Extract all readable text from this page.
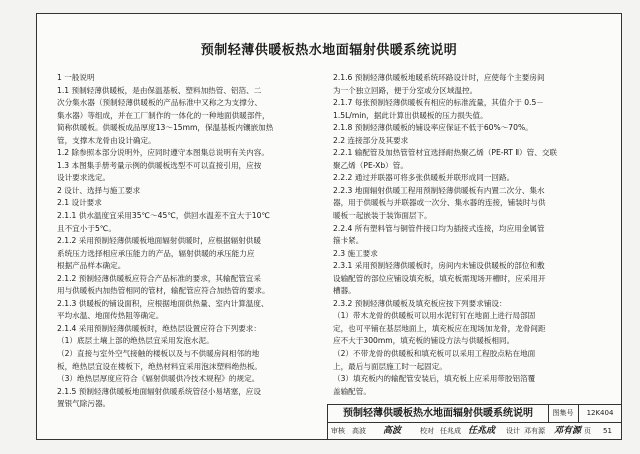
预制轻薄供暖板热水地面辐射供暖系统说明

1 一般说明

1.1 预制轻薄供暖板，是由保温基板、塑料加热管、铝箔、二

次分集水器（预制轻薄供暖板的产品标准中又称之为支撑分、

集水器）等组成，并在工厂制作的一体化的一种地面供暖部件，

简称供暖板。供暖板成品厚度13～15mm，保温基板内镶嵌加热

管，支撑木龙骨由设计确定。

1.2 除参照本部分说明外，应同时遵守本图集总说明有关内容。

1.3 本图集手册考量示例的供暖板选型不可以直接引用，应按

设计要求选定。

2 设计、选择与施工要求

2.1 设计要求

2.1.1 供水温度宜采用35℃～45℃，供回水温差不宜大于10℃

且不宜小于5℃。

2.1.2 采用预制轻薄供暖板地面辐射供暖时，应根据辐射供暖

系统压力选择相应承压能力的产品，辐射供暖的承压能力应

根据产品样本确定。

2.1.2 预制轻薄供暖板应符合产品标准的要求，其输配管宜采

用与供暖板内加热管相同的管材，输配管应符合加热管的要求。

2.1.3 供暖板的铺设面积，应根据地面供热量、室内计算温度、

平均水温、地面传热阻等确定。

2.1.4 采用预制轻薄供暖板时，绝热层设置应符合下列要求：

（1）底层土壤上部的绝热层宜采用发泡水泥。

（2）直接与室外空气接触的楼板以及与不供暖房间相邻的地

板，绝热层宜设在楼板下，绝热材料宜采用泡沫塑料绝热板。

（3）绝热层厚度应符合《辐射供暖供冷技术规程》的规定。

2.1.5 预制轻薄供暖板地面辐射供暖系统管径小易堵塞，应设

置银气除污器。

2.1.6 预制轻薄供暖板地暖系统环路设计时，应使每个主要房间

为一个独立回路，便于分室或分区域温控。

2.1.7 每张预制轻薄供暖板有相应的标准流量，其值介于 0.5－

1.5L/min，据此计算出供暖板的压力损失值。

2.1.8 预制轻薄供暖板的铺设率应保证不低于60%～70%。

2.2 连接部分及其要求

2.2.1 输配管及加热管管材宜选择耐热聚乙烯（PE-RT Ⅱ）管、交联

聚乙烯（PE-Xb）管。

2.2.2 通过并联器可将多张供暖板并联形成同一回路。

2.2.3 地面辐射供暖工程用预制轻薄供暖板有内置二次分、集水

器，用于供暖板与并联器或一次分、集水器的连接，铺装时与供

暖板一起嵌装于装饰面层下。

2.2.4 所有塑料管与铜管件接口均为插接式连接，均应用金属管

箍卡紧。

2.3 施工要求

2.3.1 采用预制轻薄供暖板时，房间内未铺设供暖板的部位和敷

设输配管的部位应铺设填充板，填充板需现场开槽时，应采用开

槽器。

2.3.2 预制轻薄供暖板及填充板应按下列要求铺设：

（1）带木龙骨的供暖板可以用水泥钉钉在地面上进行局部固

定，也可平铺在基层地面上，填充板应在现场加龙骨，龙骨间距

应不大于300mm，填充板的铺设方法与供暖板相同。

（2）不带龙骨的供暖板和填充板可以采用工程胶点粘在地面

上，最后与面层施工时一起固定。

（3）填充板内的输配管安装后，填充板上应采用带胶铝箔覆

盖输配管。

预制轻薄供暖板热水地面辐射供暖系统说明	图集号	12K404
审核 高波 高波	校对 任兆成 任兆成 设计 邓有源 邓有源 页 51
